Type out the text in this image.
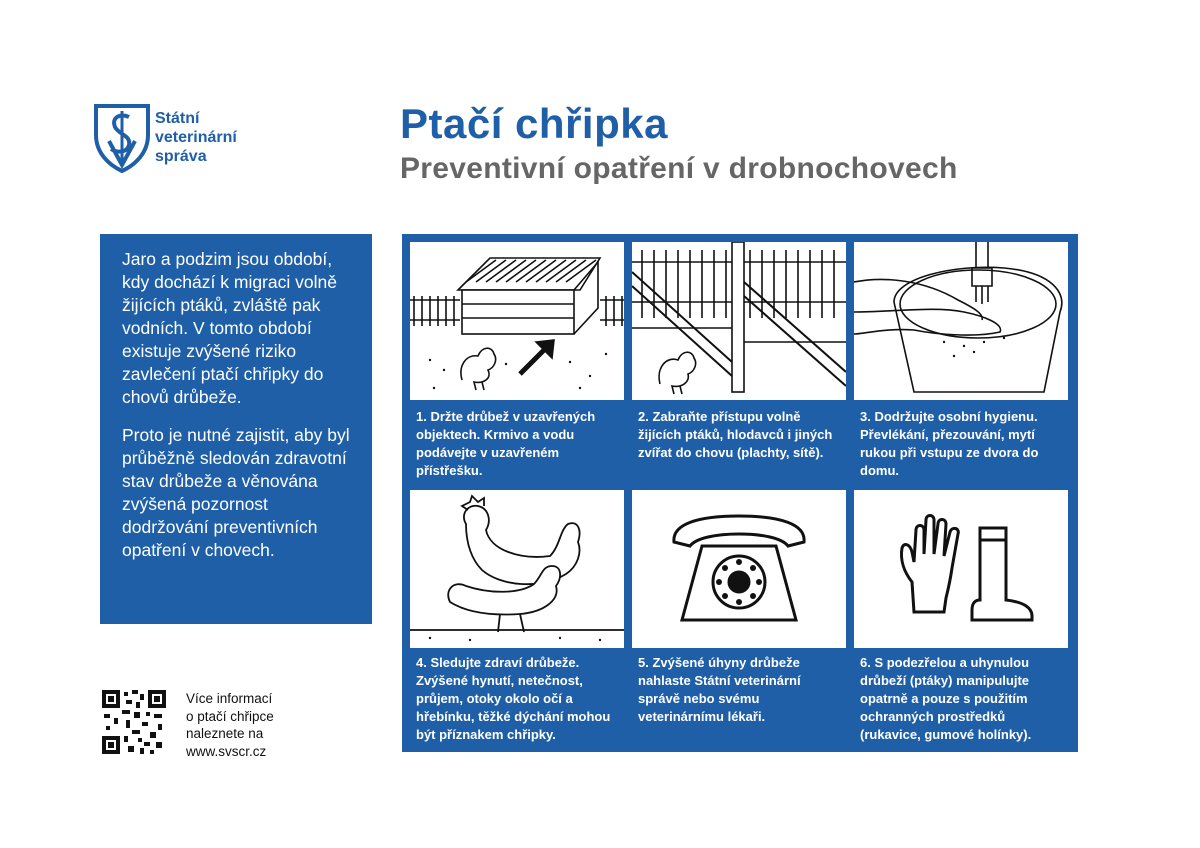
Státní
veterinární
správa
Ptačí chřipka
Preventivní opatření v drobnochovech

Jaro a podzim jsou období, kdy dochází k migraci volně žijících ptáků, zvláště pak vodních. V tomto období existuje zvýšené riziko zavlečení ptačí chřipky do chovů drůbeže.

Proto je nutné zajistit, aby byl průběžně sledován zdravotní stav drůbeže a věnována zvýšená pozornost dodržování preventivních opatření v chovech.

1. Držte drůbež v uzavřených objektech. Krmivo a vodu podávejte v uzavřeném přístřešku.
2. Zabraňte přístupu volně žijících ptáků, hlodavců i jiných zvířat do chovu (plachty, sítě).
3. Dodržujte osobní hygienu. Převlékání, přezouvání, mytí rukou při vstupu ze dvora do domu.
4. Sledujte zdraví drůbeže. Zvýšené hynutí, netečnost, průjem, otoky okolo očí a hřebínku, těžké dýchání mohou být příznakem chřipky.
5. Zvýšené úhyny drůbeže nahlaste Státní veterinární správě nebo svému veterinárnímu lékaři.
6. S podezřelou a uhynulou drůbeží (ptáky) manipulujte opatrně a pouze s použitím ochranných prostředků (rukavice, gumové holínky).
Více informací
o ptačí chřipce
naleznete na
www.svscr.cz
